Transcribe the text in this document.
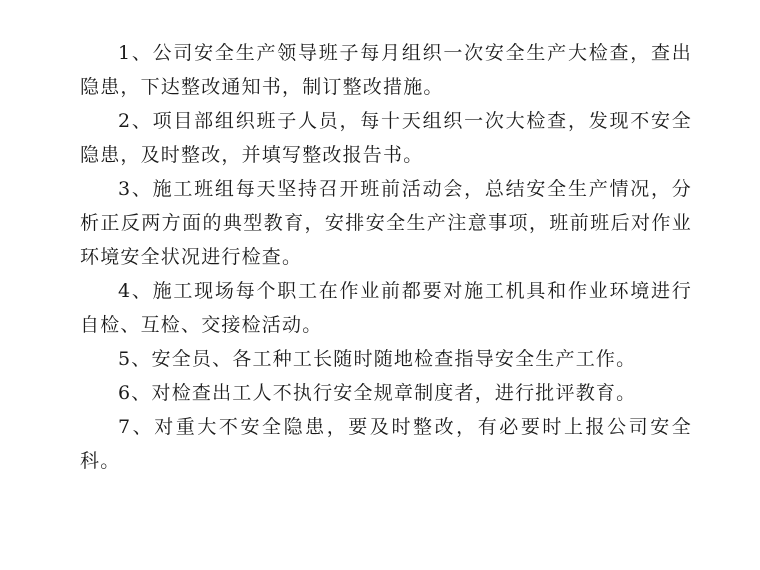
1、公司安全生产领导班子每月组织一次安全生产大检查，查出隐患，下达整改通知书，制订整改措施。

2、项目部组织班子人员，每十天组织一次大检查，发现不安全隐患，及时整改，并填写整改报告书。

3、施工班组每天坚持召开班前活动会，总结安全生产情况，分析正反两方面的典型教育，安排安全生产注意事项，班前班后对作业环境安全状况进行检查。

4、施工现场每个职工在作业前都要对施工机具和作业环境进行自检、互检、交接检活动。

5、安全员、各工种工长随时随地检查指导安全生产工作。

6、对检查出工人不执行安全规章制度者，进行批评教育。

7、对重大不安全隐患，要及时整改，有必要时上报公司安全科。
